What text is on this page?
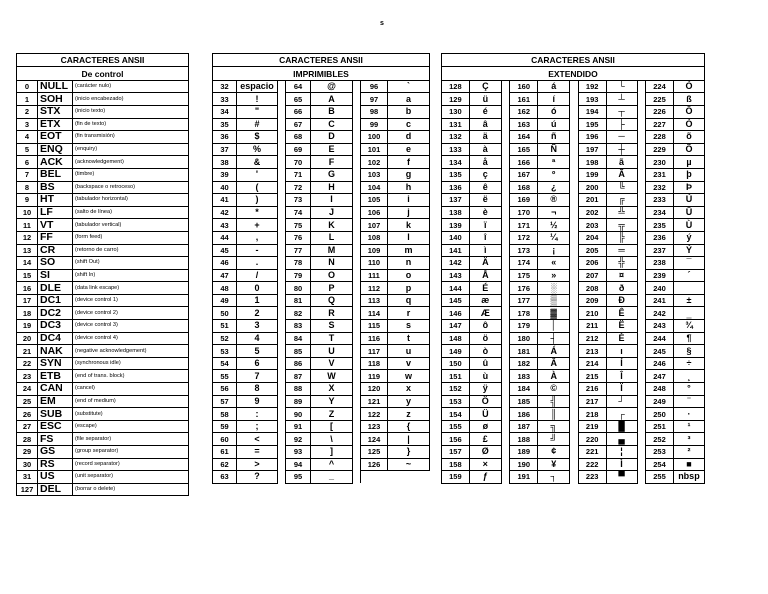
s
CARACTERES ANSII		
De control		
0	NULL	(carácter nulo)
1	SOH	(inicio encabezado)
2	STX	(inicio texto)
3	ETX	(fin de texto)
4	EOT	(fin transmisión)
5	ENQ	(enquiry)
6	ACK	(acknowledgement)
7	BEL	(timbre)
8	BS	(backspace o retroceso)
9	HT	(tabulador horizontal)
10	LF	(salto de línea)
11	VT	(tabulador vertical)
12	FF	(form feed)
13	CR	(retorno de carro)
14	SO	(shift Out)
15	SI	(shift In)
16	DLE	(data link escape)
17	DC1	(device control 1)
18	DC2	(device control 2)
19	DC3	(device control 3)
20	DC4	(device control 4)
21	NAK	(negative acknowledgement)
22	SYN	(synchronous idle)
23	ETB	(end of trans. block)
24	CAN	(cancel)
25	EM	(end of medium)
26	SUB	(substitute)
27	ESC	(escape)
28	FS	(file separator)
29	GS	(group separator)
30	RS	(record separator)
31	US	(unit separator)
127	DEL	(borrar o delete)
CARACTERES ANSII							
IMPRIMIBLES							
32	espacio		64	@		96	`
33	!		65	A		97	a
34	"		66	B		98	b
35	#		67	C		99	c
36	$		68	D		100	d
37	%		69	E		101	e
38	&		70	F		102	f
39	'		71	G		103	g
40	(		72	H		104	h
41	)		73	I		105	i
42	*		74	J		106	j
43	+		75	K		107	k
44	,		76	L		108	l
45	-		77	M		109	m
46	.		78	N		110	n
47	/		79	O		111	o
48	0		80	P		112	p
49	1		81	Q		113	q
50	2		82	R		114	r
51	3		83	S		115	s
52	4		84	T		116	t
53	5		85	U		117	u
54	6		86	V		118	v
55	7		87	W		119	w
56	8		88	X		120	x
57	9		89	Y		121	y
58	:		90	Z		122	z
59	;		91	[		123	{
60	<		92	\		124	|
61	=		93	]		125	}
62	>		94	^		126	~
63	?		95	_			
CARACTERES ANSII										
EXTENDIDO										
128	Ç		160	á		192	└		224	Ó
129	ü		161	í		193	┴		225	ß
130	é		162	ó		194	┬		226	Ô
131	â		163	ú		195	├		227	Ò
132	ä		164	ñ		196	─		228	õ
133	à		165	Ñ		197	┼		229	Õ
134	å		166	ª		198	ã		230	µ
135	ç		167	º		199	Ã		231	þ
136	ê		168	¿		200	╚		232	Þ
137	ë		169	®		201	╔		233	Ú
138	è		170	¬		202	╩		234	Û
139	ï		171	½		203	╦		235	Ù
140	î		172	¼		204	╠		236	ý
141	ì		173	¡		205	═		237	Ý
142	Ä		174	«		206	╬		238	¯
143	Å		175	»		207	¤		239	´
144	É		176	░		208	ð		240	
145	æ		177	▒		209	Ð		241	±
146	Æ		178	▓		210	Ê		242	‗
147	ô		179	│		211	Ë		243	¾
148	ö		180	┤		212	È		244	¶
149	ò		181	Á		213	ı		245	§
150	û		182	Â		214	Í		246	÷
151	ù		183	À		215	Î		247	¸
152	ÿ		184	©		216	Ï		248	°
153	Ö		185	╣		217	┘		249	¨
154	Ü		186	║		218	┌		250	·
155	ø		187	╗		219	█		251	¹
156	£		188	╝		220	▄		252	³
157	Ø		189	¢		221	¦		253	²
158	×		190	¥		222	Ì		254	■
159	ƒ		191	┐		223	▀		255	nbsp
